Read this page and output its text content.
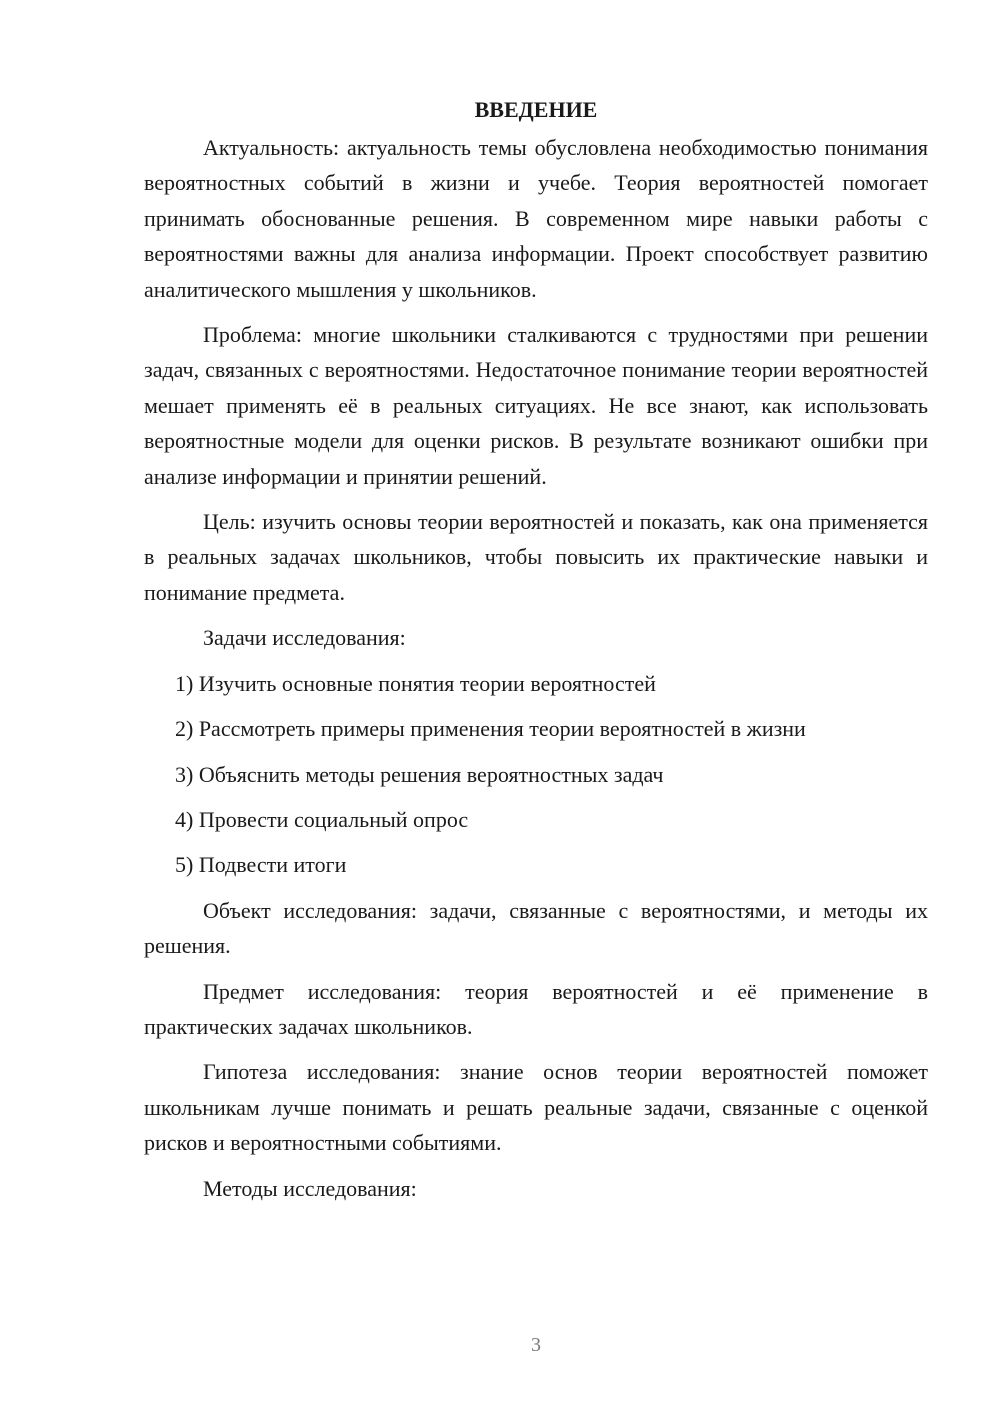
ВВЕДЕНИЕ

Актуальность: актуальность темы обусловлена необходимостью понимания вероятностных событий в жизни и учебе. Теория вероятностей помогает принимать обоснованные решения. В современном мире навыки работы с вероятностями важны для анализа информации. Проект способствует развитию аналитического мышления у школьников.

Проблема: многие школьники сталкиваются с трудностями при решении задач, связанных с вероятностями. Недостаточное понимание теории вероятностей мешает применять её в реальных ситуациях. Не все знают, как использовать вероятностные модели для оценки рисков. В результате возникают ошибки при анализе информации и принятии решений.

Цель: изучить основы теории вероятностей и показать, как она применяется в реальных задачах школьников, чтобы повысить их практические навыки и понимание предмета.

Задачи исследования:

1) Изучить основные понятия теории вероятностей
2) Рассмотреть примеры применения теории вероятностей в жизни
3) Объяснить методы решения вероятностных задач
4) Провести социальный опрос
5) Подвести итоги

Объект исследования: задачи, связанные с вероятностями, и методы их решения.

Предмет исследования: теория вероятностей и её применение в практических задачах школьников.

Гипотеза исследования: знание основ теории вероятностей поможет школьникам лучше понимать и решать реальные задачи, связанные с оценкой рисков и вероятностными событиями.

Методы исследования:

3
